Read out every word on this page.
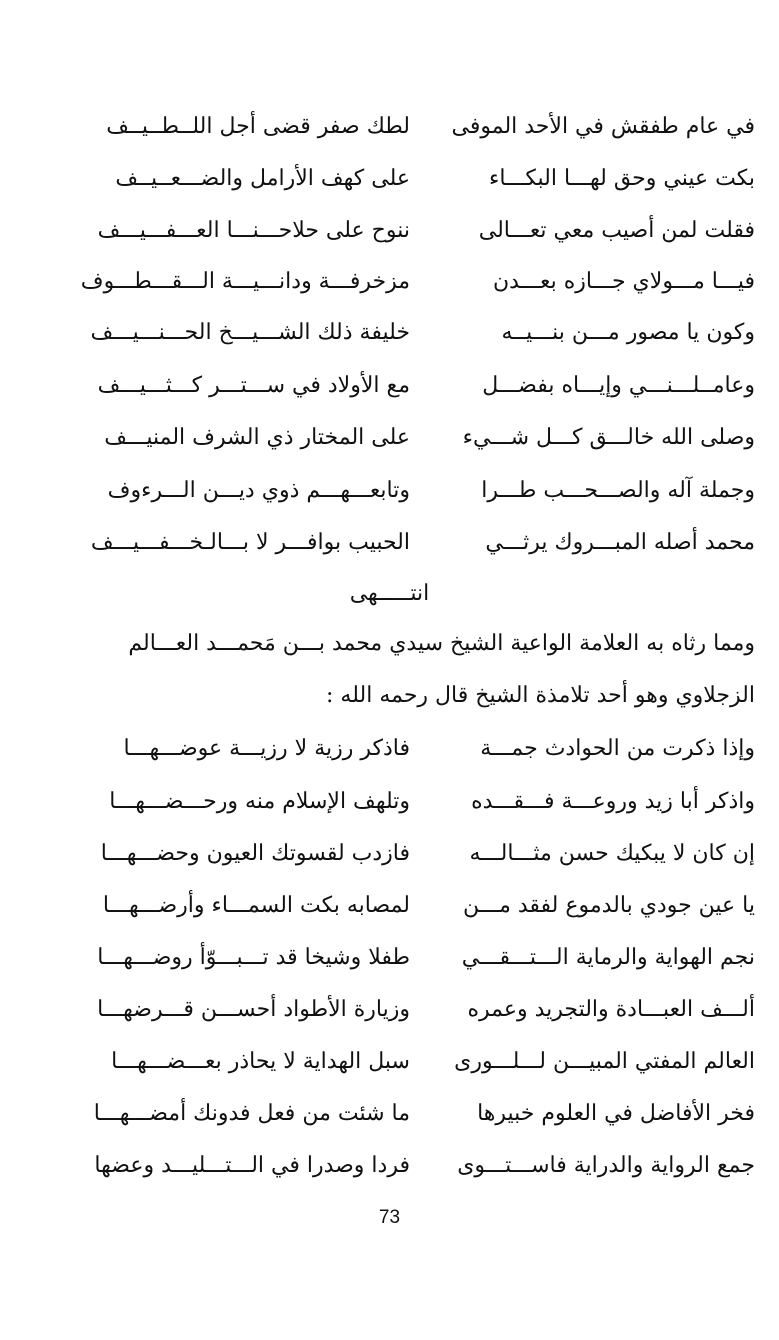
في عام طفقش في الأحد الموفى
لطك صفر قضى أجل اللــطــيــف
بكت عيني وحق لهـــا البكـــاء
على كهف الأرامل والضـــعــيــف
فقلت لمن أصيب معي تعـــالى
ننوح على حلاحـــنـــا العـــفـــيـــف
فيـــا مـــولاي جـــازه بعـــدن
مزخرفـــة ودانـــيـــة الـــقـــطـــوف
وكون يا مصور مـــن بنـــيــه
خليفة ذلك الشـــيـــخ الحـــنـــيـــف
وعامــلـــنـــي وإيـــاه بفضـــل
مع الأولاد في ســـتـــر كـــثـــيـــف
وصلى الله خالـــق كـــل شـــيء
على المختار ذي الشرف المنيـــف
وجملة آله والصـــحـــب طـــرا
وتابعـــهـــم ذوي ديـــن الـــرءوف
محمد أصله المبـــروك يرثـــي
الحبيب بوافـــر لا بـــالـخـــفـــيـــف
انتـــــهى
ومما رثاه به العلامة الواعية الشيخ سيدي محمد بـــن مَحمـــد العـــالم
الزجلاوي وهو أحد تلامذة الشيخ قال رحمه الله :
وإذا ذكرت من الحوادث جمـــة
فاذكر رزية لا رزيـــة عوضـــهـــا
واذكر أبا زيد وروعـــة فـــقـــده
وتلهف الإسلام منه ورحـــضـــهـــا
إن كان لا يبكيك حسن مثـــالـــه
فازدب لقسوتك العيون وحضـــهـــا
يا عين جودي بالدموع لفقد مـــن
لمصابه بكت السمـــاء وأرضـــهـــا
نجم الهواية والرماية الـــتـــقـــي
طفلا وشيخا قد تـــبـــوّأ روضـــهـــا
ألـــف العبـــادة والتجريد وعمره
وزيارة الأطواد أحســـن قـــرضهـــا
العالم المفتي المبيـــن لـــلـــورى
سبل الهداية لا يحاذر بعـــضـــهـــا
فخر الأفاضل في العلوم خبيرها
ما شئت من فعل فدونك أمضـــهـــا
جمع الرواية والدراية فاســـتـــوى
فردا وصدرا في الـــتـــليـــد وعضها
73
